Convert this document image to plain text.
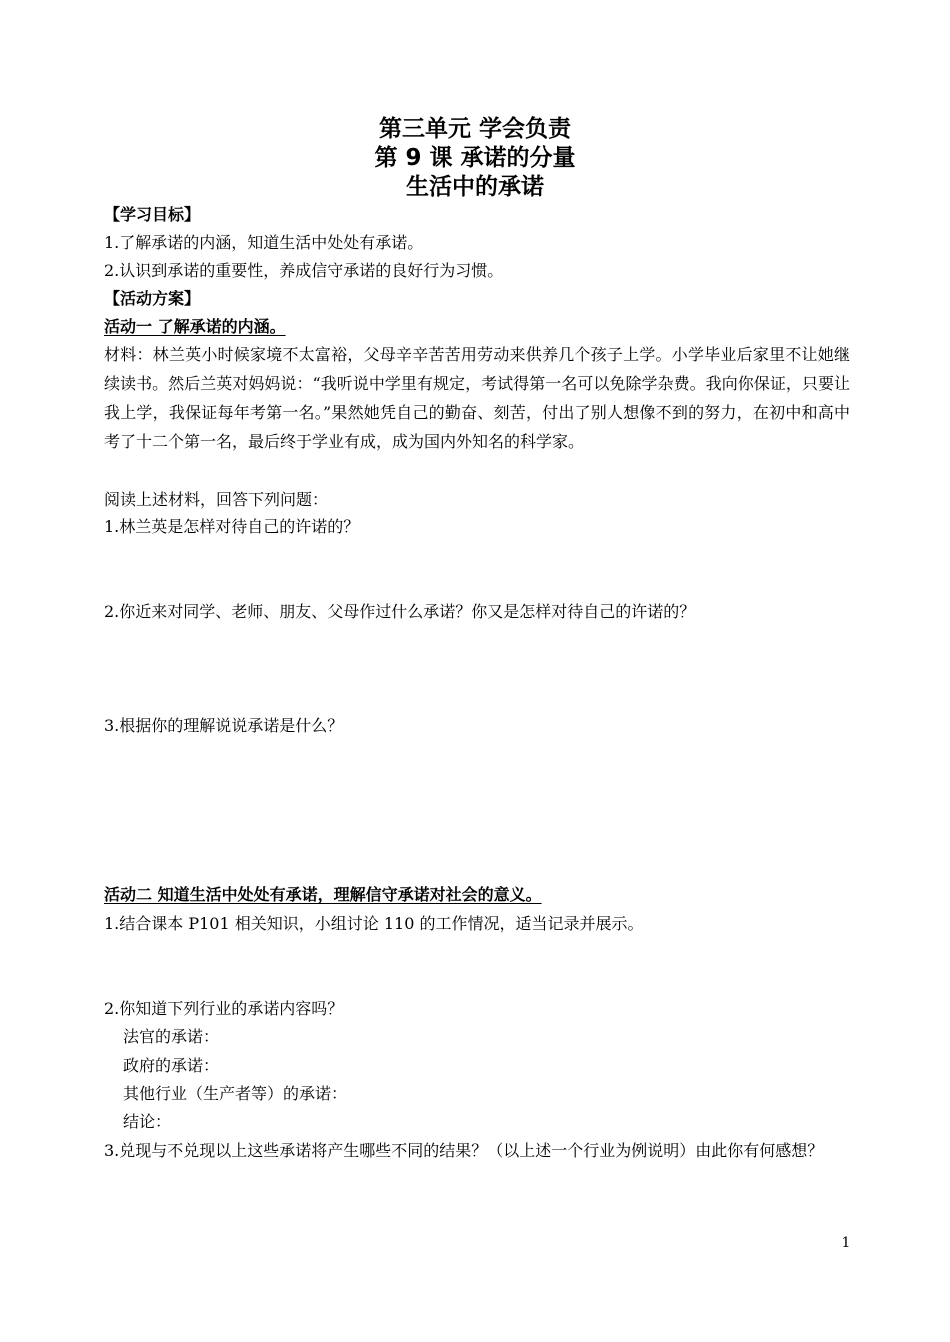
第三单元 学会负责
第 9 课 承诺的分量
生活中的承诺
【学习目标】
1.了解承诺的内涵，知道生活中处处有承诺。
2.认识到承诺的重要性，养成信守承诺的良好行为习惯。
【活动方案】
活动一 了解承诺的内涵。
材料：林兰英小时候家境不太富裕，父母辛辛苦苦用劳动来供养几个孩子上学。小学毕业后家里不让她继续读书。然后兰英对妈妈说：“我听说中学里有规定，考试得第一名可以免除学杂费。我向你保证，只要让我上学，我保证每年考第一名。”果然她凭自己的勤奋、刻苦，付出了别人想像不到的努力，在初中和高中考了十二个第一名，最后终于学业有成，成为国内外知名的科学家。
阅读上述材料，回答下列问题：
1.林兰英是怎样对待自己的许诺的？
2.你近来对同学、老师、朋友、父母作过什么承诺？你又是怎样对待自己的许诺的？
3.根据你的理解说说承诺是什么？
活动二 知道生活中处处有承诺，理解信守承诺对社会的意义。
1.结合课本 P101 相关知识，小组讨论 110 的工作情况，适当记录并展示。
2.你知道下列行业的承诺内容吗？
法官的承诺：
政府的承诺：
其他行业（生产者等）的承诺：
结论：
3.兑现与不兑现以上这些承诺将产生哪些不同的结果？（以上述一个行业为例说明）由此你有何感想？
1
